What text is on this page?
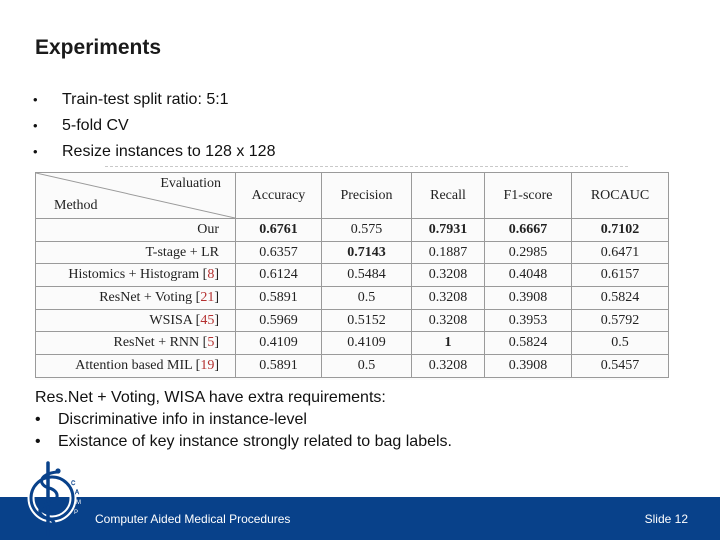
Experiments
• Train-test split ratio: 5:1
• 5-fold CV
• Resize instances to 128 x 128
Evaluation
Method	Accuracy	Precision	Recall	F1-score	ROCAUC
Our	0.6761	0.575	0.7931	0.6667	0.7102
T-stage + LR	0.6357	0.7143	0.1887	0.2985	0.6471
Histomics + Histogram [8]	0.6124	0.5484	0.3208	0.4048	0.6157
ResNet + Voting [21]	0.5891	0.5	0.3208	0.3908	0.5824
WSISA [45]	0.5969	0.5152	0.3208	0.3953	0.5792
ResNet + RNN [5]	0.4109	0.4109	1	0.5824	0.5
Attention based MIL [19]	0.5891	0.5	0.3208	0.3908	0.5457
Res.Net + Voting, WISA have extra requirements:
• Discriminative info in instance-level
• Existance of key instance strongly related to bag labels.
Computer Aided Medical Procedures	Slide 12
C
A
M
P
